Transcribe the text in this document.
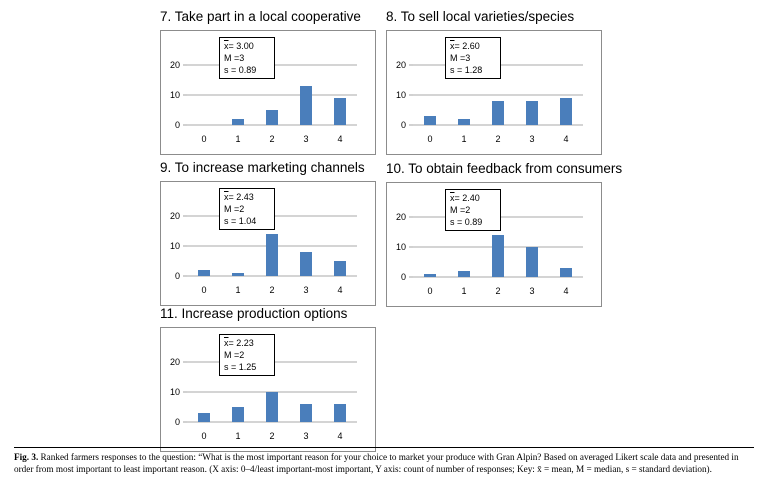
7. Take part in a local cooperative
0
10
20
0	1	2	3	4
$\overline{x}= 3.00$
M =3
s = 0.89
8. To sell local varieties/species
0
10
20
0	1	2	3	4
$\overline{x}= 2.60$
M =3
s = 1.28
9. To increase marketing channels
0
10
20
0	1	2	3	4
$\overline{x}= 2.43$
M =2
s = 1.04
10. To obtain feedback from consumers
0
10
20
0	1	2	3	4
$\overline{x}= 2.40$
M =2
s = 0.89
11. Increase production options
0
10
20
0	1	2	3	4
$\overline{x}= 2.23$
M =2
s = 1.25
Fig. 3. Ranked farmers responses to the question: “What is the most important reason for your choice to market your produce with Gran Alpin? Based on averaged Likert scale data and presented in order from most important to least important reason. (X axis: 0–4/least important-most important, Y axis: count of number of responses; Key: x̄ = mean, M = median, s = standard deviation).
